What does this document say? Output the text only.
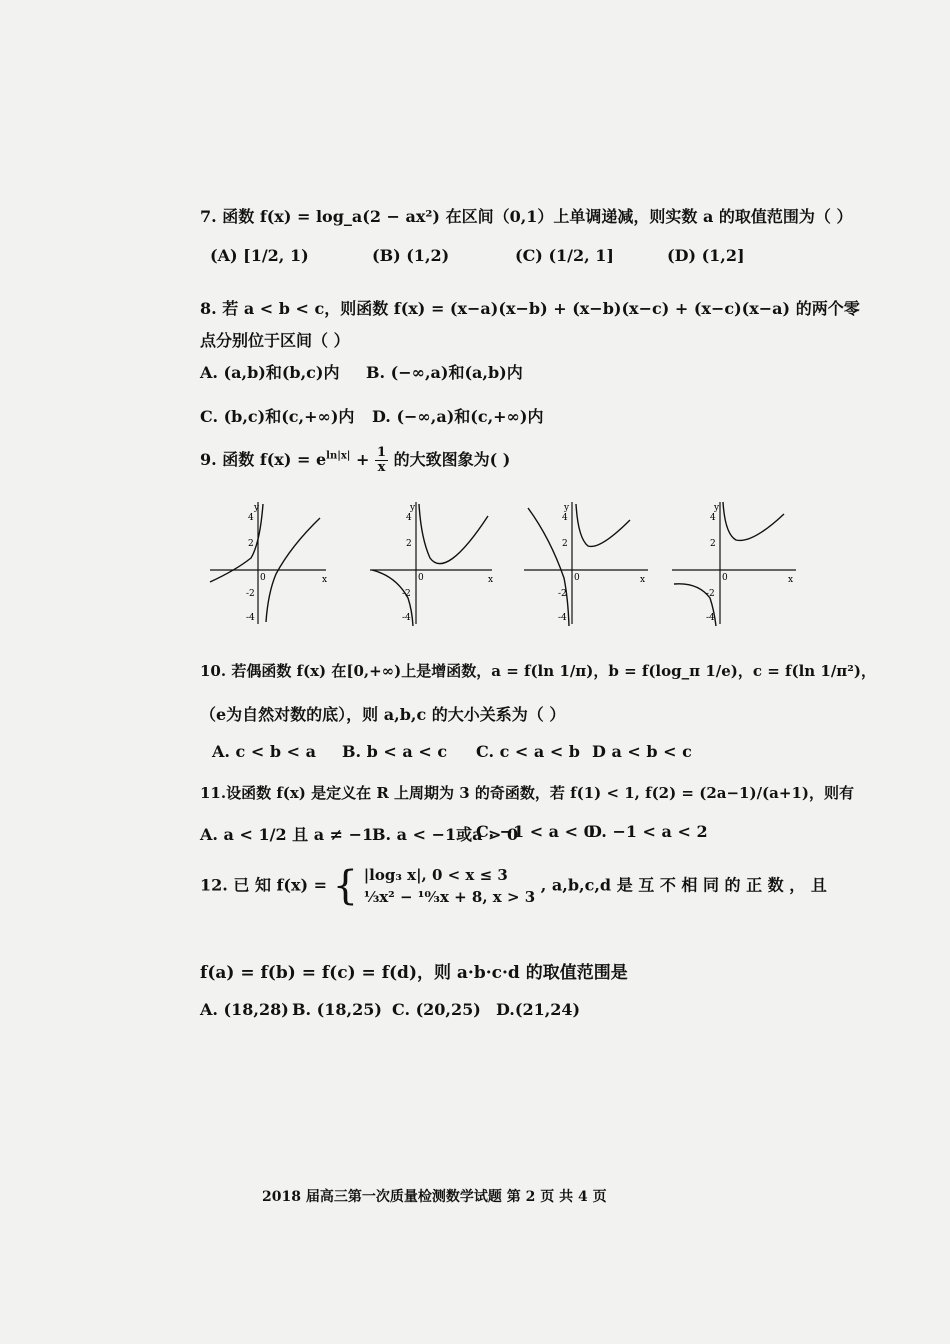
7. 函数 f(x) = log_a(2 − ax²) 在区间（0,1）上单调递减，则实数 a 的取值范围为（ ）
(A) [1/2, 1)	(B) (1,2)	(C) (1/2, 1]	(D) (1,2]
8. 若 a < b < c，则函数 f(x) = (x−a)(x−b) + (x−b)(x−c) + (x−c)(x−a) 的两个零
点分别位于区间（ ）
A. (a,b)和(b,c)内 B. (−∞,a)和(a,b)内
C. (b,c)和(c,+∞)内 D. (−∞,a)和(c,+∞)内
9. 函数 $f(x) = e^{ln|x|} + \frac{1}{x}$ 的大致图象为( )
y
x
0
4
2
-2
-4
y
x
0
4
2
-2
-4
y
x
0
4
2
-2
-4
y
x
0
4
2
-2
-4
10. 若偶函数 f(x) 在[0,+∞)上是增函数，a = f(ln 1/π)，b = f(log_π 1/e)，c = f(ln 1/π²)，
（e为自然对数的底），则 a,b,c 的大小关系为（ ）
A. c < b < a B. b < a < c C. c < a < b D a < b < c
11.设函数 f(x) 是定义在 R 上周期为 3 的奇函数，若 f(1) < 1, f(2) = (2a−1)/(a+1)，则有
A. a < 1/2 且 a ≠ −1
B. a < −1或a > 0
C. −1 < a < 0
D. −1 < a < 2
12. 已 知 f(x) = { |log₃ x|, 0 < x ≤ 3
⅓x² − ¹⁰⁄₃x + 8, x > 3
, a,b,c,d 是 互 不 相 同 的 正 数 ， 且
f(a) = f(b) = f(c) = f(d)，则 a·b·c·d 的取值范围是
A. (18,28) B. (18,25) C. (20,25) D.(21,24)
2018 届高三第一次质量检测数学试题 第 2 页 共 4 页
